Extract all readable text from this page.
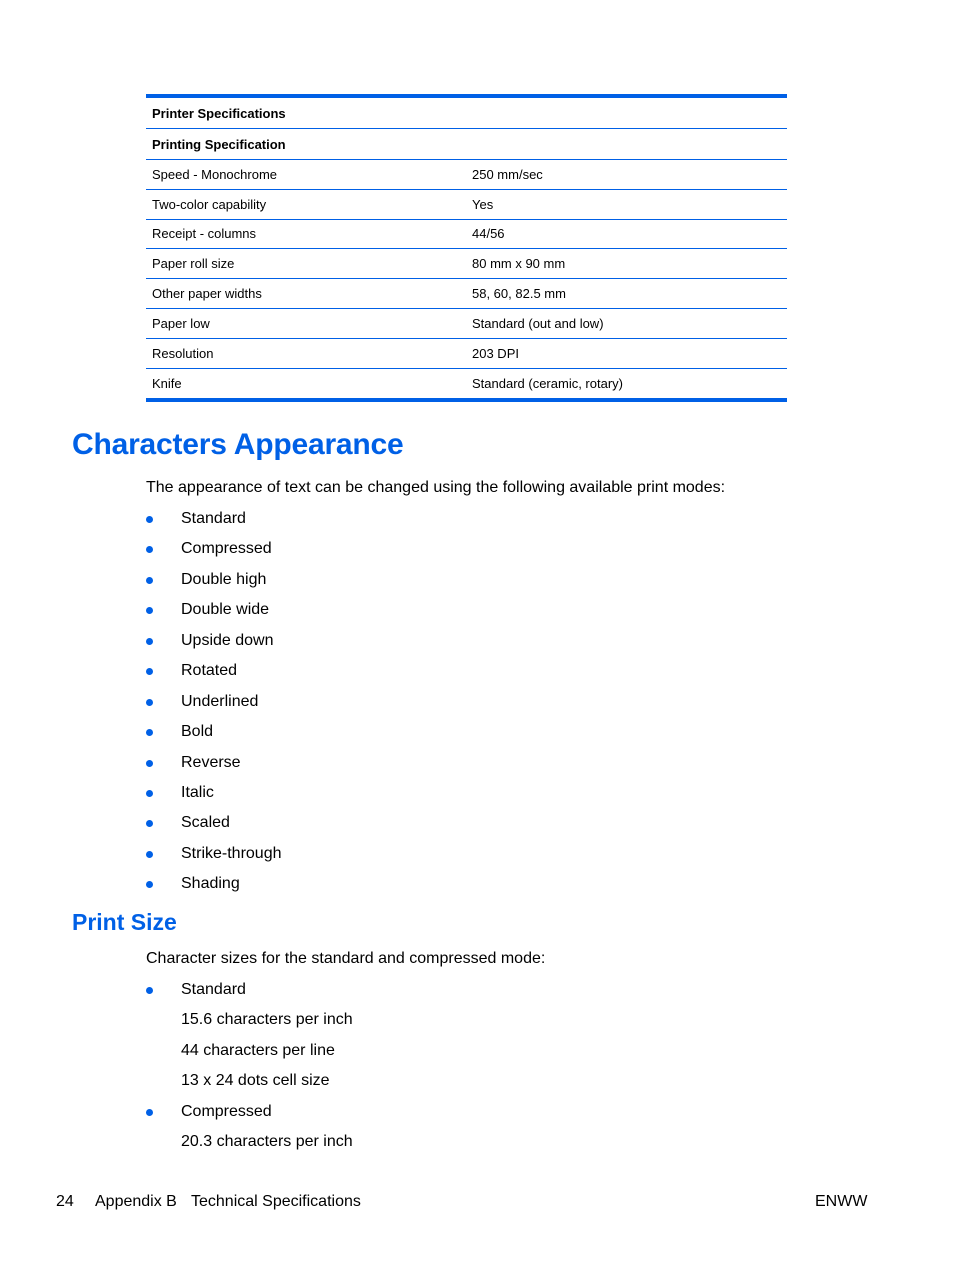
Printer Specifications
Printing Specification
Speed - Monochrome	250 mm/sec
Two-color capability	Yes
Receipt - columns	44/56
Paper roll size	80 mm x 90 mm
Other paper widths	58, 60, 82.5 mm
Paper low	Standard (out and low)
Resolution	203 DPI
Knife	Standard (ceramic, rotary)
Characters Appearance

The appearance of text can be changed using the following available print modes:

Standard
Compressed
Double high
Double wide
Upside down
Rotated
Underlined
Bold
Reverse
Italic
Scaled
Strike-through
Shading
Print Size

Character sizes for the standard and compressed mode:

Standard
15.6 characters per inch
44 characters per line
13 x 24 dots cell size
Compressed
20.3 characters per inch
24 Appendix B Technical Specifications	ENWW
